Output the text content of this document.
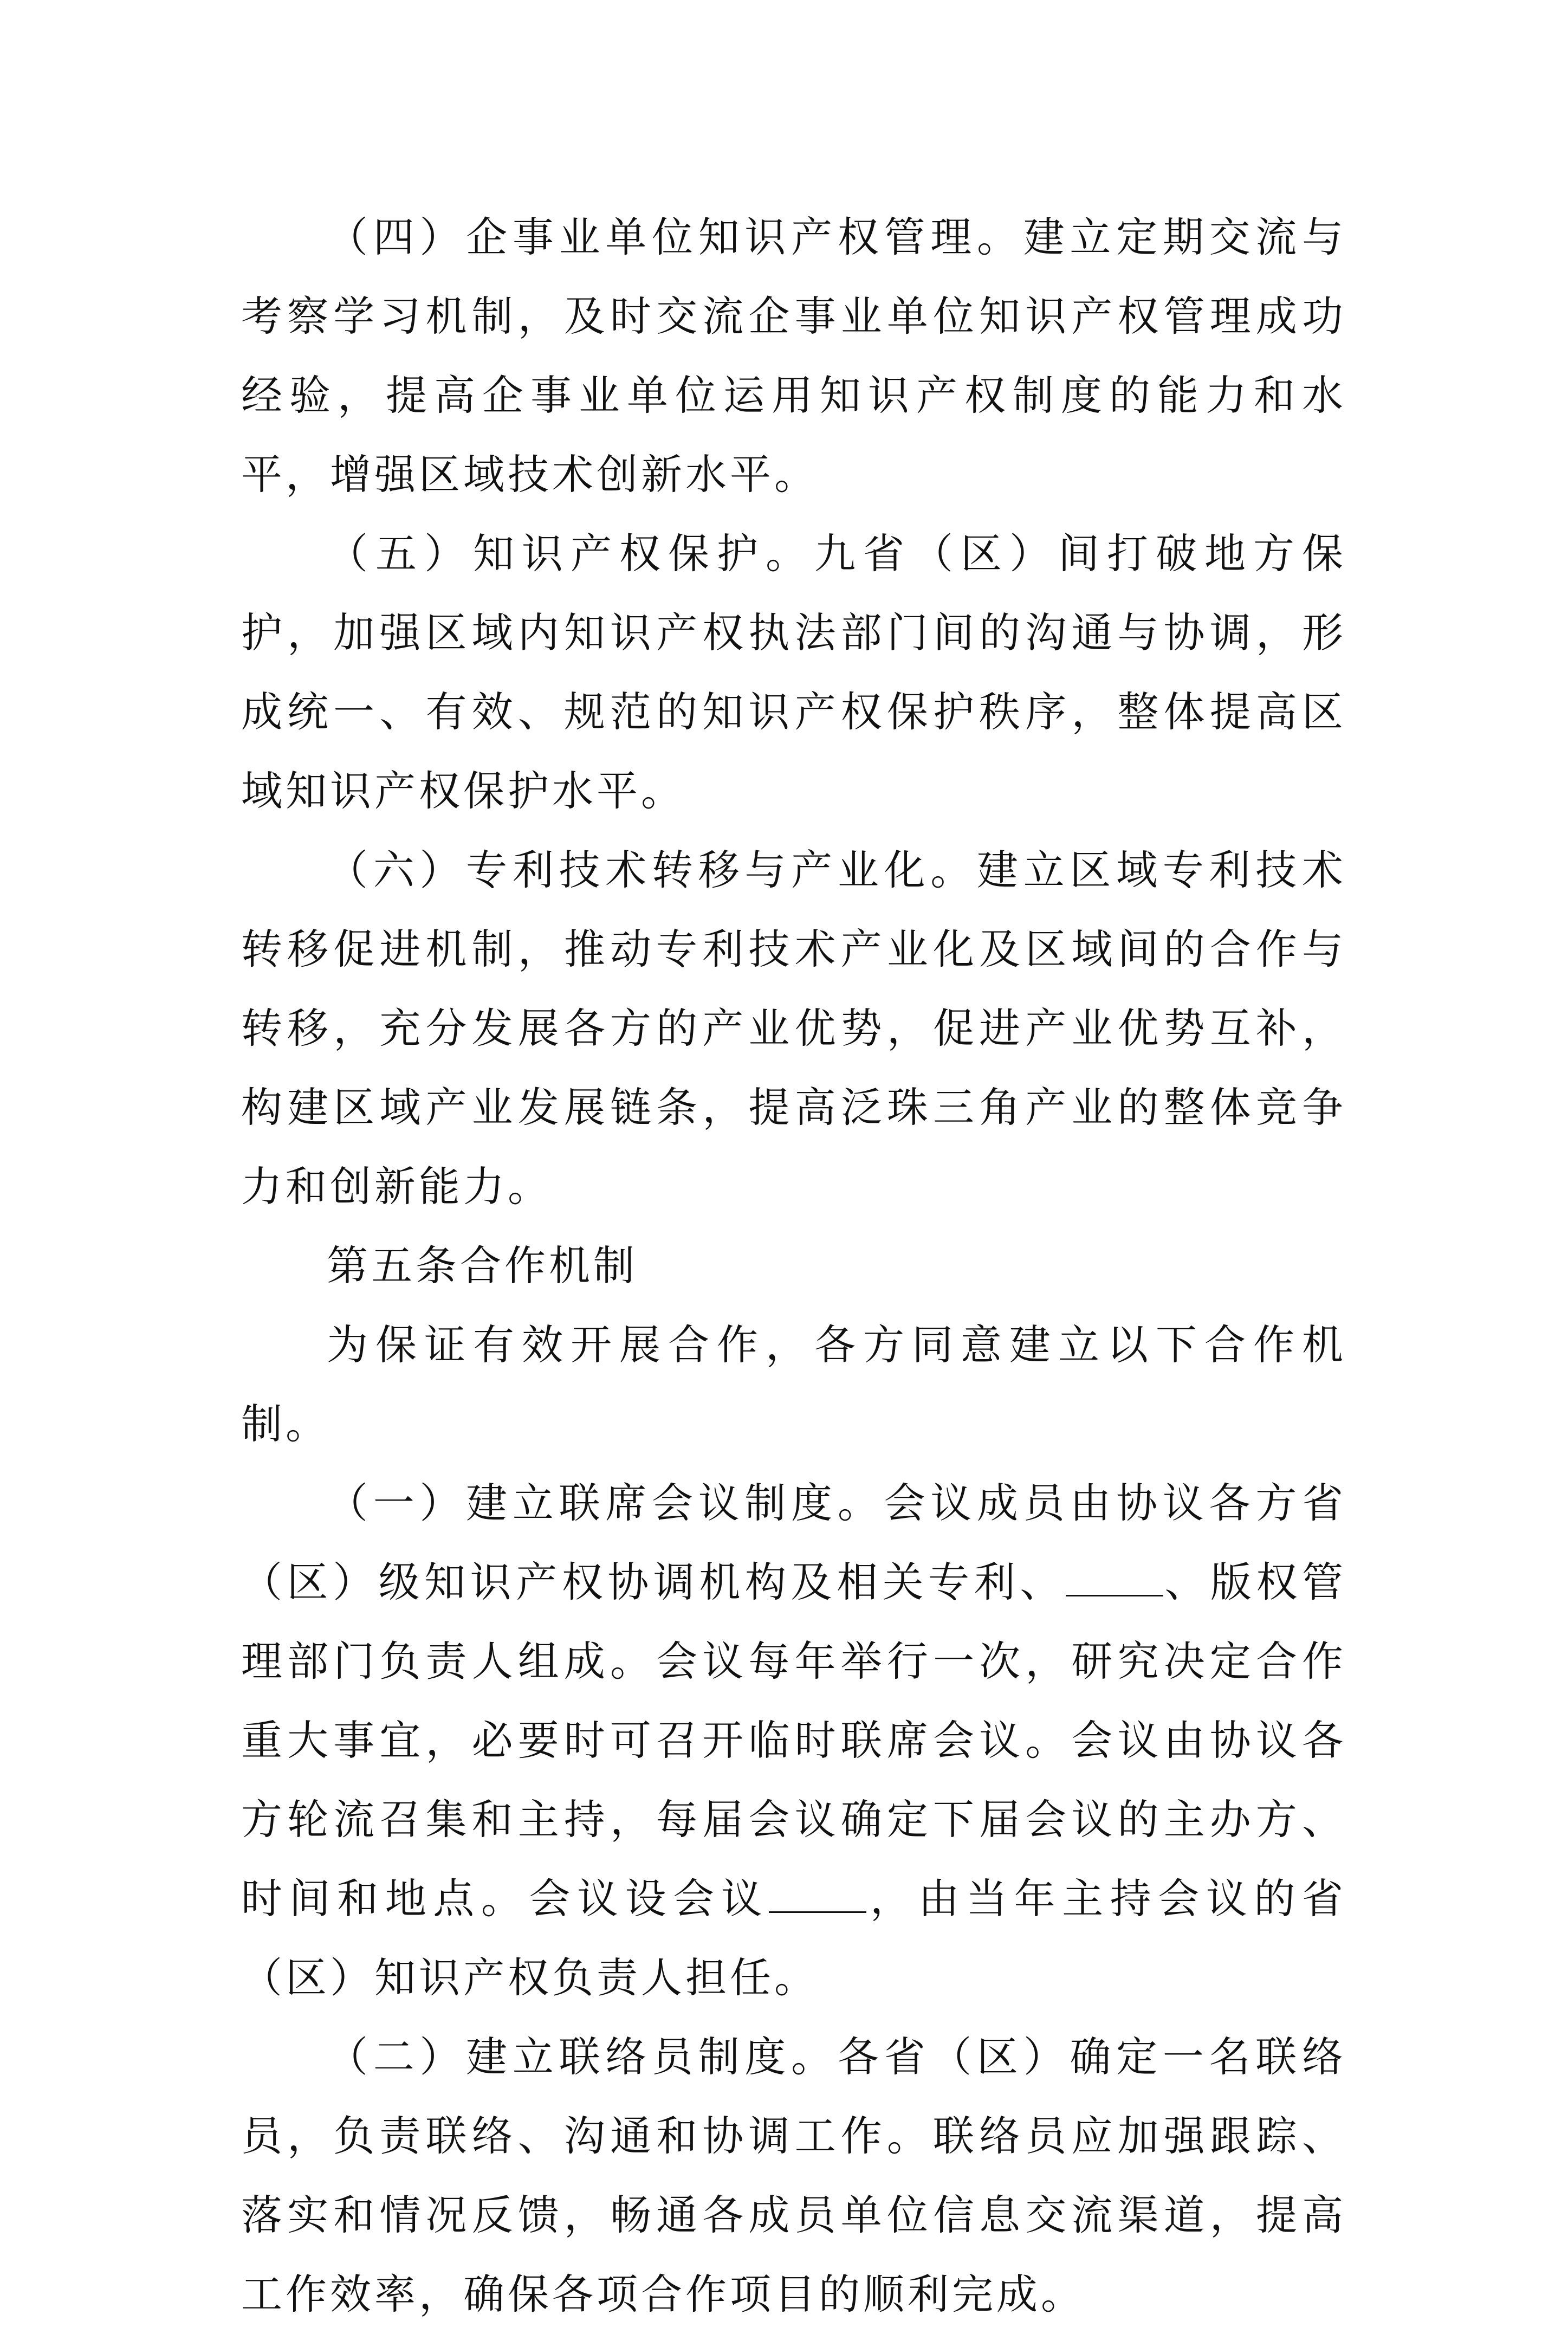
（四）企事业单位知识产权管理。建立定期交流与考察学习机制，及时交流企事业单位知识产权管理成功经验，提高企事业单位运用知识产权制度的能力和水平，增强区域技术创新水平。

（五）知识产权保护。九省（区）间打破地方保护，加强区域内知识产权执法部门间的沟通与协调，形成统一、有效、规范的知识产权保护秩序，整体提高区域知识产权保护水平。

（六）专利技术转移与产业化。建立区域专利技术转移促进机制，推动专利技术产业化及区域间的合作与转移，充分发展各方的产业优势，促进产业优势互补，构建区域产业发展链条，提高泛珠三角产业的整体竞争力和创新能力。

第五条合作机制

为保证有效开展合作，各方同意建立以下合作机制。

（一）建立联席会议制度。会议成员由协议各方省（区）级知识产权协调机构及相关专利、 、版权管理部门负责人组成。会议每年举行一次，研究决定合作重大事宜，必要时可召开临时联席会议。会议由协议各方轮流召集和主持，每届会议确定下届会议的主办方、时间和地点。会议设会议 ，由当年主持会议的省（区）知识产权负责人担任。

（二）建立联络员制度。各省（区）确定一名联络员，负责联络、沟通和协调工作。联络员应加强跟踪、落实和情况反馈，畅通各成员单位信息交流渠道，提高工作效率，确保各项合作项目的顺利完成。
